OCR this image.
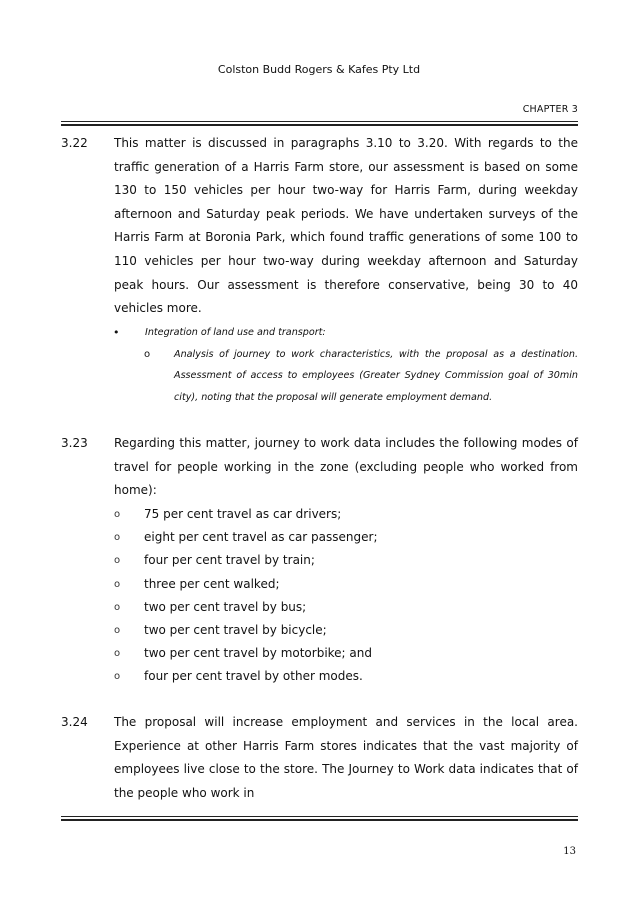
Colston Budd Rogers & Kafes Pty Ltd
CHAPTER 3
3.22	This matter is discussed in paragraphs 3.10 to 3.20. With regards to the traffic generation of a Harris Farm store, our assessment is based on some 130 to 150 vehicles per hour two-way for Harris Farm, during weekday afternoon and Saturday peak periods. We have undertaken surveys of the Harris Farm at Boronia Park, which found traffic generations of some 100 to 110 vehicles per hour two-way during weekday afternoon and Saturday peak hours. Our assessment is therefore conservative, being 30 to 40 vehicles more.
•	Integration of land use and transport:
o Analysis of journey to work characteristics, with the proposal as a destination. Assessment of access to employees (Greater Sydney Commission goal of 30min city), noting that the proposal will generate employment demand.
3.23	Regarding this matter, journey to work data includes the following modes of travel for people working in the zone (excluding people who worked from home):
o 75 per cent travel as car drivers;
o eight per cent travel as car passenger;
o four per cent travel by train;
o three per cent walked;
o two per cent travel by bus;
o two per cent travel by bicycle;
o two per cent travel by motorbike; and
o four per cent travel by other modes.
3.24	The proposal will increase employment and services in the local area. Experience at other Harris Farm stores indicates that the vast majority of employees live close to the store. The Journey to Work data indicates that of the people who work in
13
